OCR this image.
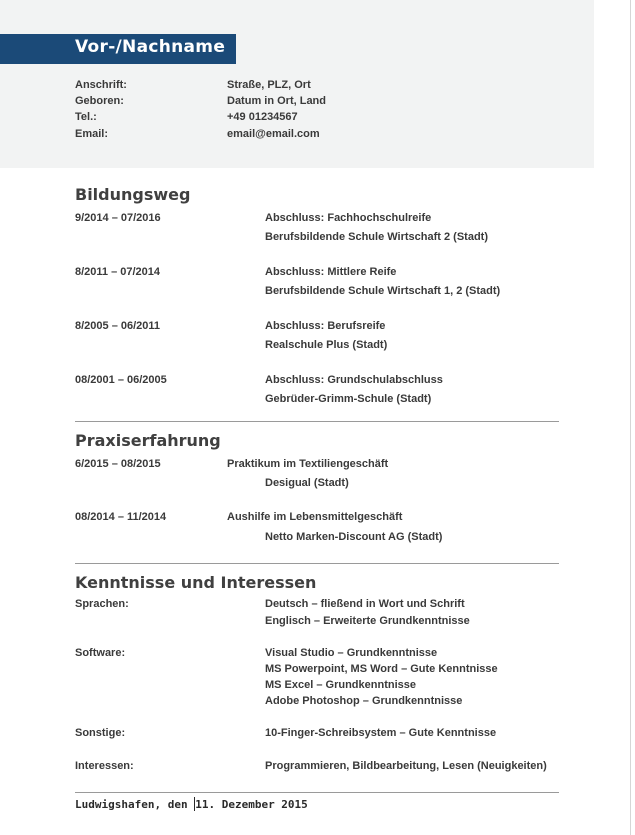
Vor-/Nachname
Anschrift:	Straße, PLZ, Ort
Geboren:	Datum in Ort, Land
Tel.:	+49 01234567
Email:	email@email.com
Bildungsweg
9/2014 – 07/2016	Abschluss: Fachhochschulreife
Berufsbildende Schule Wirtschaft 2 (Stadt)
8/2011 – 07/2014	Abschluss: Mittlere Reife
Berufsbildende Schule Wirtschaft 1, 2 (Stadt)
8/2005 – 06/2011	Abschluss: Berufsreife
Realschule Plus (Stadt)
08/2001 – 06/2005	Abschluss: Grundschulabschluss
Gebrüder-Grimm-Schule (Stadt)
Praxiserfahrung
6/2015 – 08/2015	Praktikum im Textiliengeschäft
Desigual (Stadt)
08/2014 – 11/2014	Aushilfe im Lebensmittelgeschäft
Netto Marken-Discount AG (Stadt)
Kenntnisse und Interessen
Sprachen:	Deutsch – fließend in Wort und Schrift
Englisch – Erweiterte Grundkenntnisse
Software:	Visual Studio – Grundkenntnisse
MS Powerpoint, MS Word – Gute Kenntnisse
MS Excel – Grundkenntnisse
Adobe Photoshop – Grundkenntnisse
Sonstige:	10-Finger-Schreibsystem – Gute Kenntnisse
Interessen:	Programmieren, Bildbearbeitung, Lesen (Neuigkeiten)
Ludwigshafen, den 11. Dezember 2015
